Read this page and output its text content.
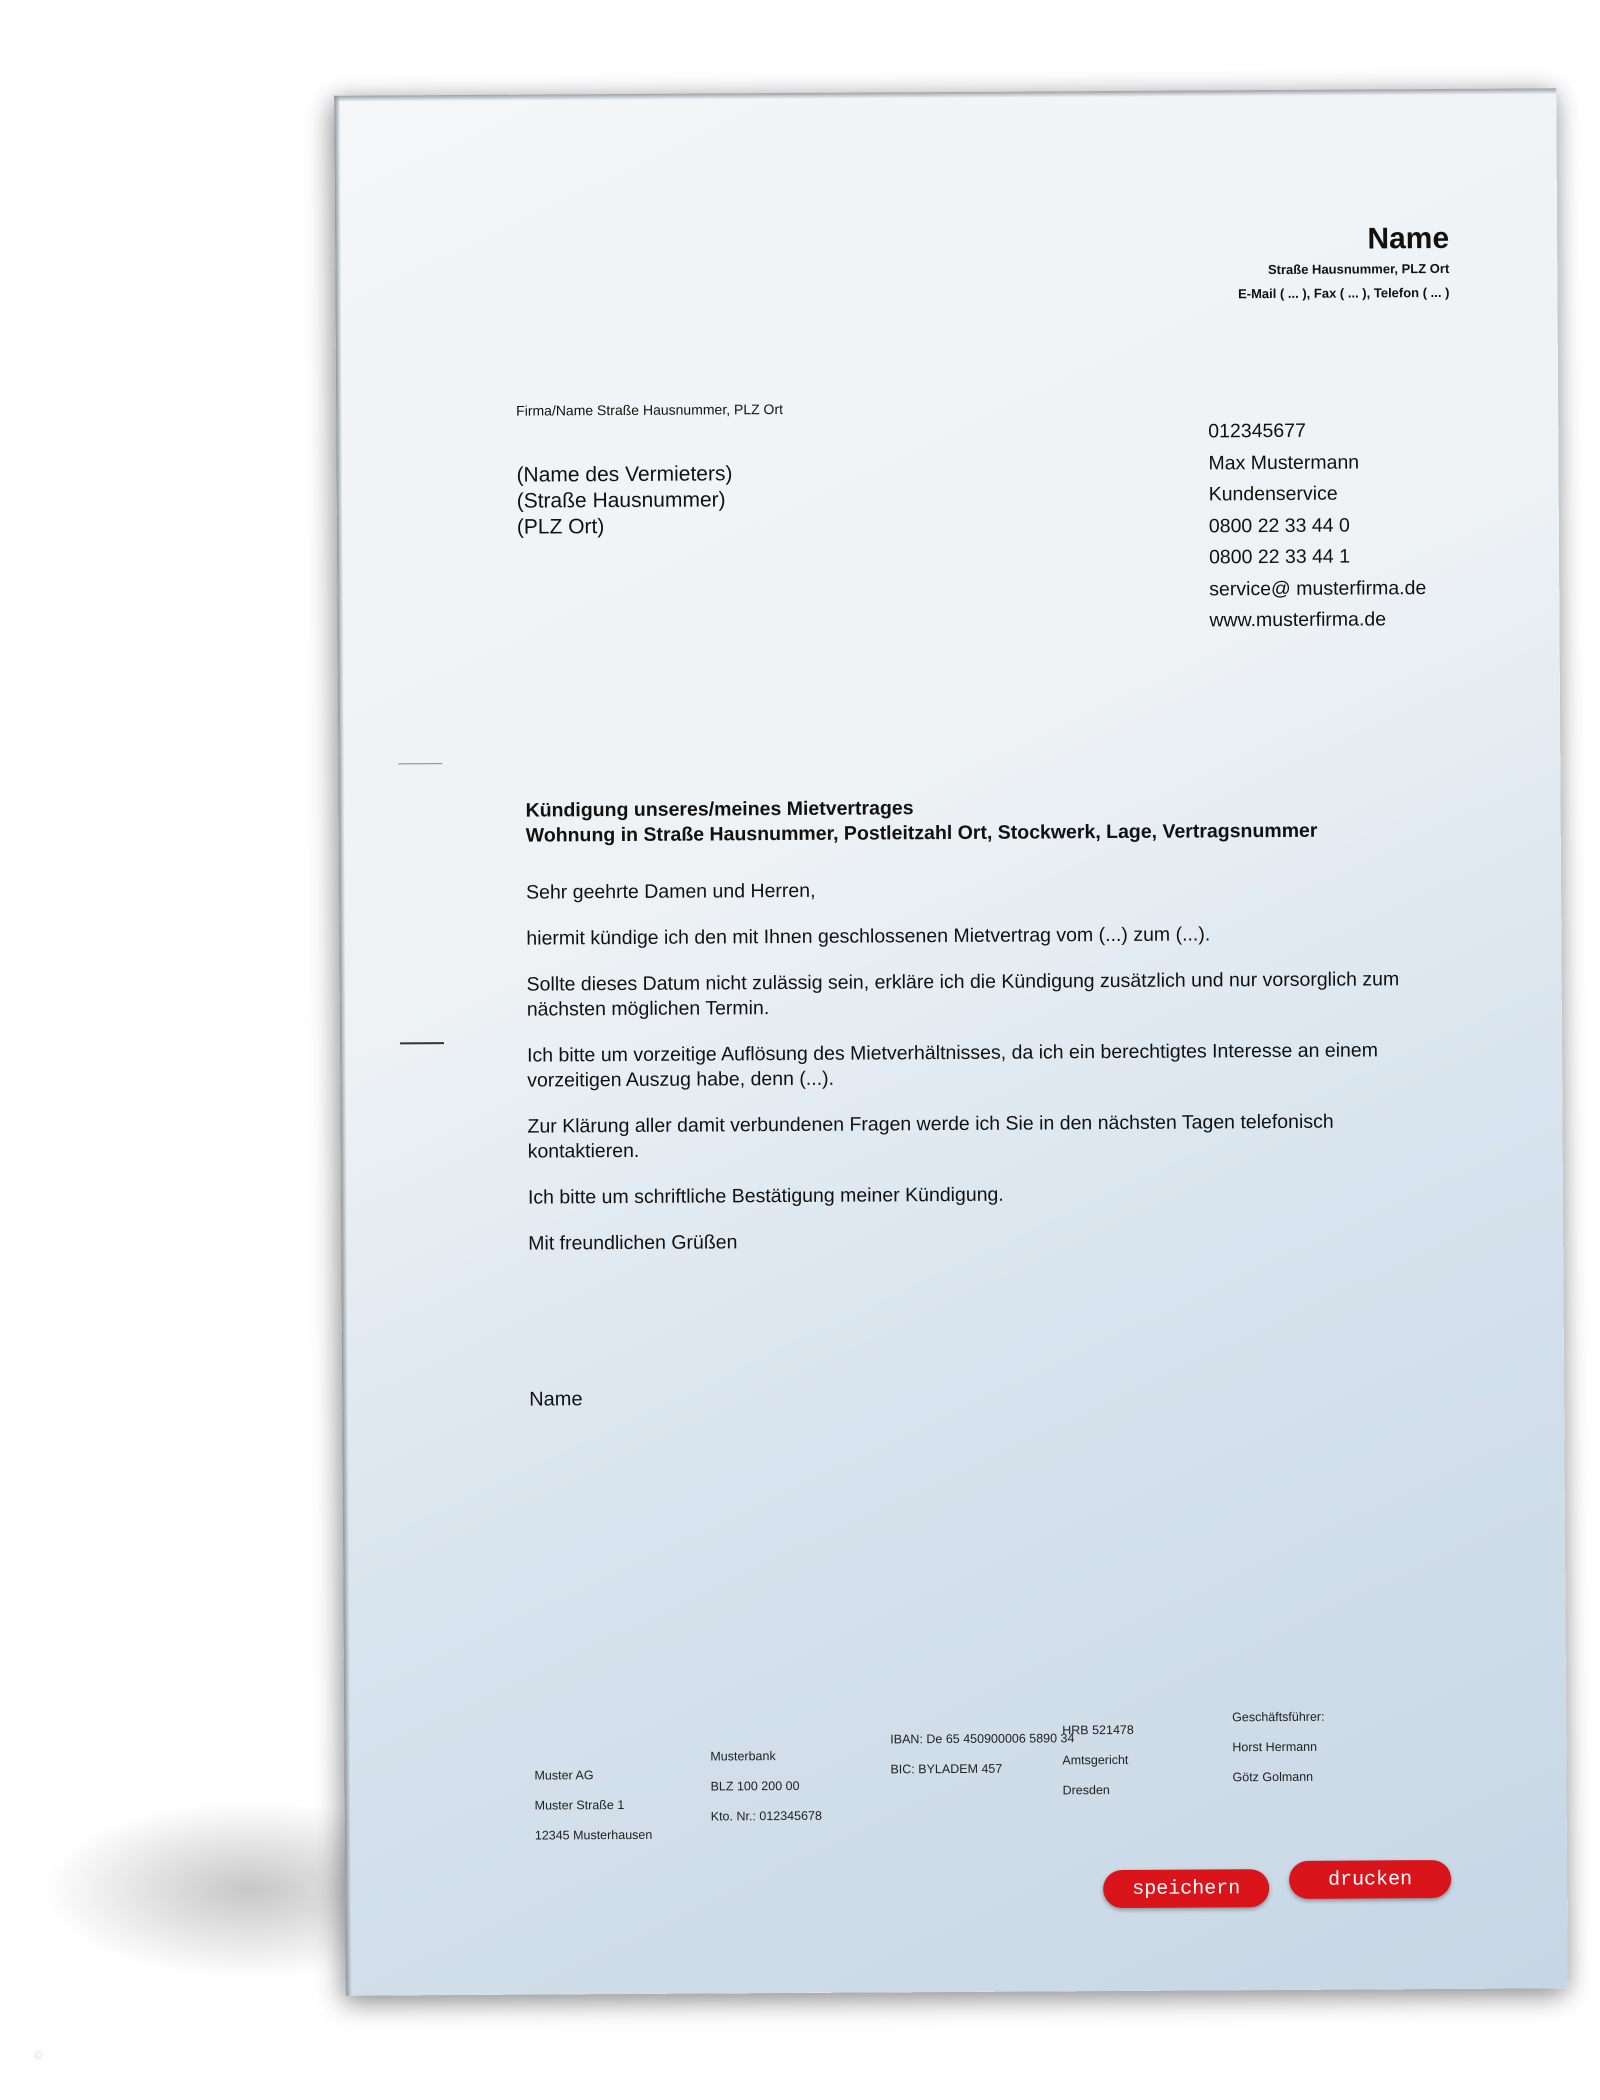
Name
Straße Hausnummer, PLZ Ort
E-Mail ( ... ), Fax ( ... ), Telefon ( ... )
Firma/Name Straße Hausnummer, PLZ Ort
(Name des Vermieters)
(Straße Hausnummer)
(PLZ Ort)
012345677
Max Mustermann
Kundenservice
0800 22 33 44 0
0800 22 33 44 1
service@ musterfirma.de
www.musterfirma.de
Kündigung unseres/meines Mietvertrages
Wohnung in Straße Hausnummer, Postleitzahl Ort, Stockwerk, Lage, Vertragsnummer

Sehr geehrte Damen und Herren,

hiermit kündige ich den mit Ihnen geschlossenen Mietvertrag vom (...) zum (...).

Sollte dieses Datum nicht zulässig sein, erkläre ich die Kündigung zusätzlich und nur vorsorglich zum nächsten möglichen Termin.

Ich bitte um vorzeitige Auflösung des Mietverhältnisses, da ich ein berechtigtes Interesse an einem vorzeitigen Auszug habe, denn (...).

Zur Klärung aller damit verbundenen Fragen werde ich Sie in den nächsten Tagen telefonisch kontaktieren.

Ich bitte um schriftliche Bestätigung meiner Kündigung.

Mit freundlichen Grüßen

Name
Muster AG
Muster Straße 1
12345 Musterhausen
Musterbank
BLZ 100 200 00
Kto. Nr.: 012345678
IBAN: De 65 450900006 5890 34
BIC: BYLADEM 457
HRB 521478
Amtsgericht
Dresden
Geschäftsführer:
Horst Hermann
Götz Golmann
speichern	drucken
©
